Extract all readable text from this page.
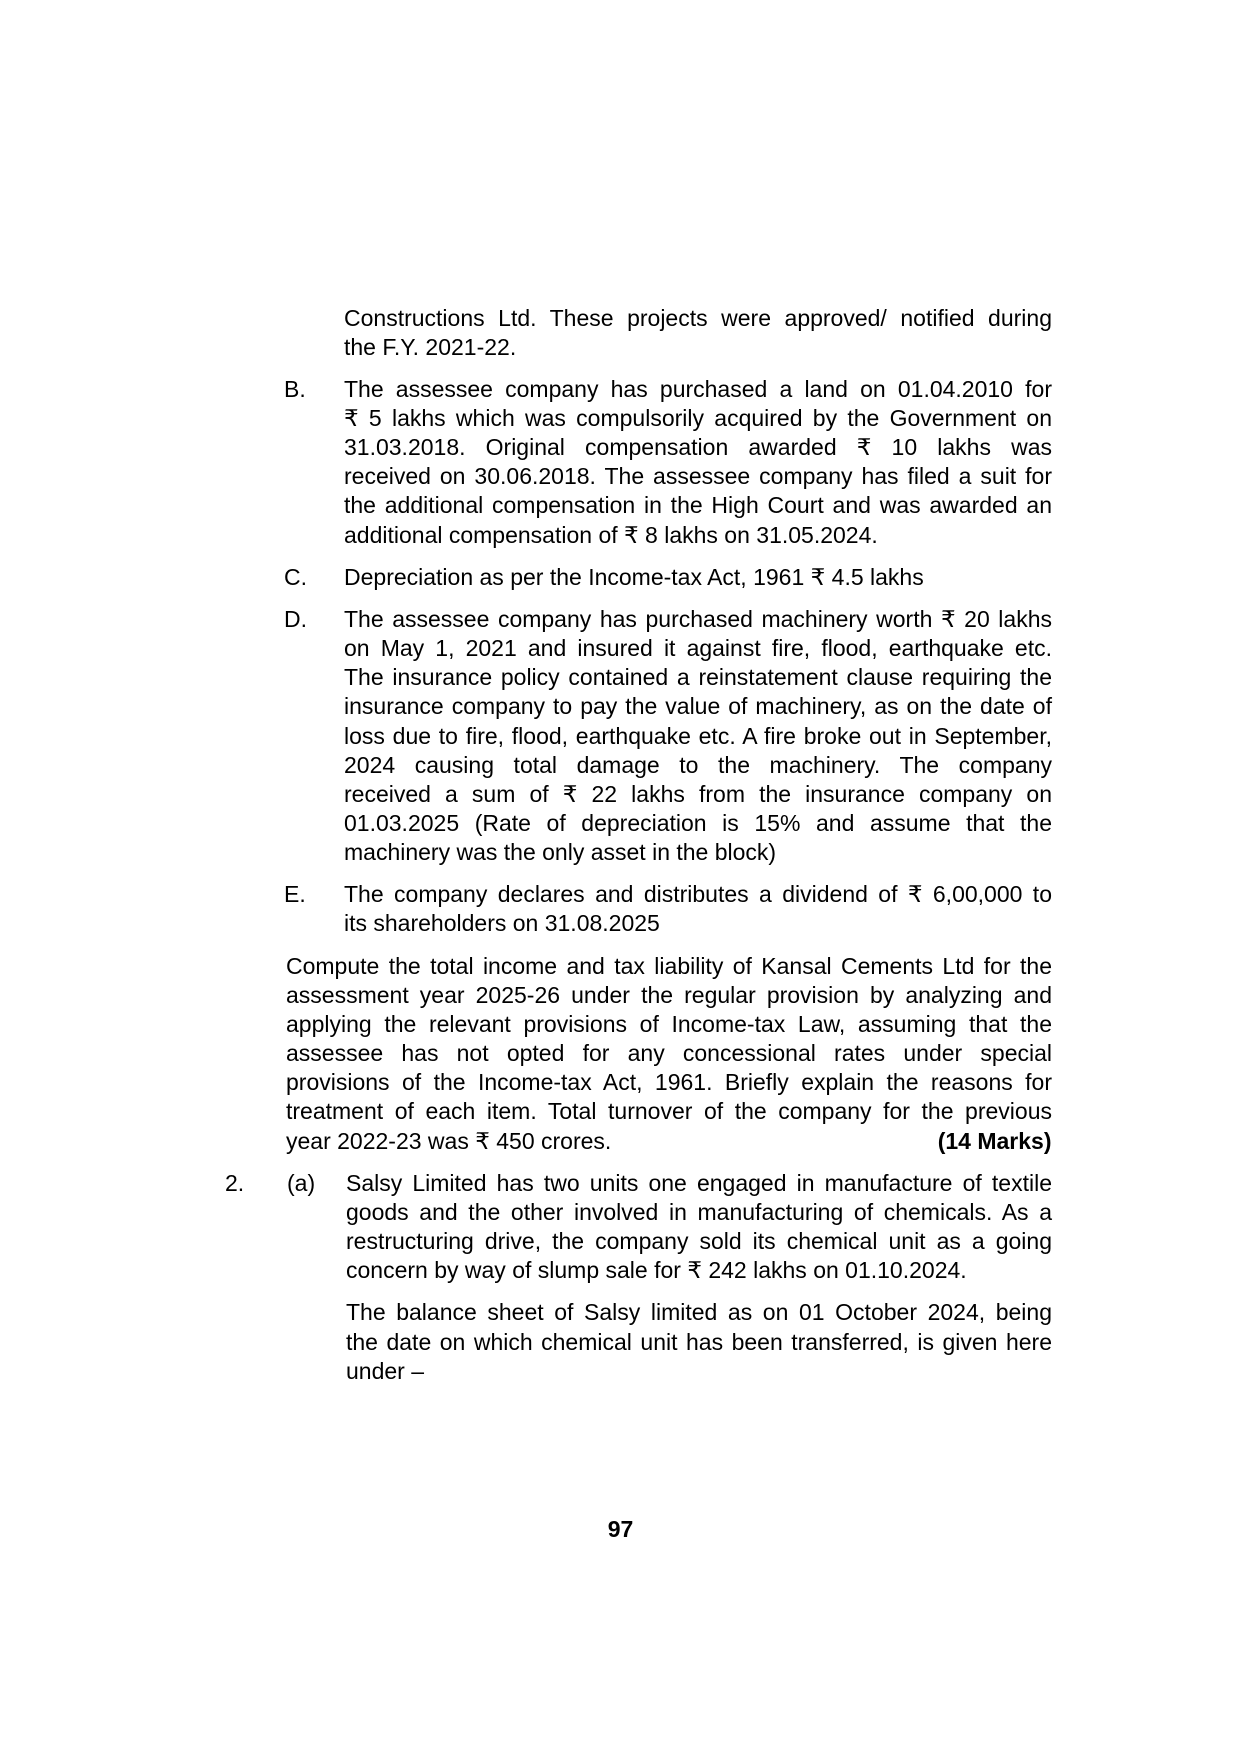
Constructions Ltd. These projects were approved/ notified during
the F.Y. 2021-22.
B. The assessee company has purchased a land on 01.04.2010 for
₹ 5 lakhs which was compulsorily acquired by the Government on
31.03.2018. Original compensation awarded ₹ 10 lakhs was
received on 30.06.2018. The assessee company has filed a suit for
the additional compensation in the High Court and was awarded an
additional compensation of ₹ 8 lakhs on 31.05.2024.
C. Depreciation as per the Income-tax Act, 1961 ₹ 4.5 lakhs
D. The assessee company has purchased machinery worth ₹ 20 lakhs
on May 1, 2021 and insured it against fire, flood, earthquake etc.
The insurance policy contained a reinstatement clause requiring the
insurance company to pay the value of machinery, as on the date of
loss due to fire, flood, earthquake etc. A fire broke out in September,
2024 causing total damage to the machinery. The company
received a sum of ₹ 22 lakhs from the insurance company on
01.03.2025 (Rate of depreciation is 15% and assume that the
machinery was the only asset in the block)
E. The company declares and distributes a dividend of ₹ 6,00,000 to
its shareholders on 31.08.2025
Compute the total income and tax liability of Kansal Cements Ltd for the
assessment year 2025-26 under the regular provision by analyzing and
applying the relevant provisions of Income-tax Law, assuming that the
assessee has not opted for any concessional rates under special
provisions of the Income-tax Act, 1961. Briefly explain the reasons for
treatment of each item. Total turnover of the company for the previous
year 2022-23 was ₹ 450 crores.	(14 Marks)
2. (a) Salsy Limited has two units one engaged in manufacture of textile
goods and the other involved in manufacturing of chemicals. As a
restructuring drive, the company sold its chemical unit as a going
concern by way of slump sale for ₹ 242 lakhs on 01.10.2024.
The balance sheet of Salsy limited as on 01 October 2024, being
the date on which chemical unit has been transferred, is given here
under –
97
